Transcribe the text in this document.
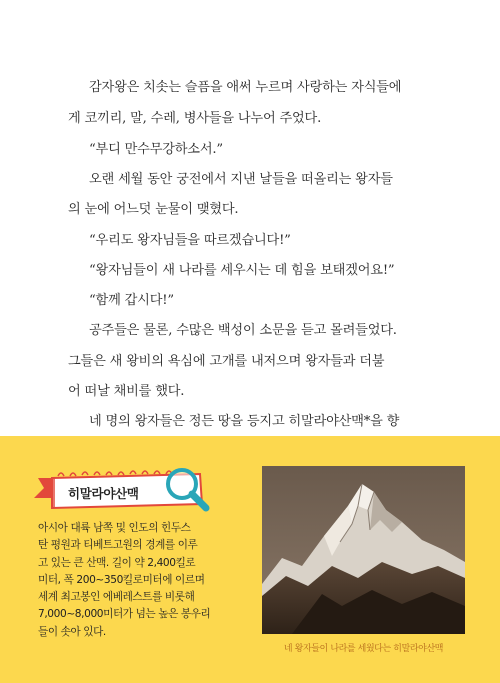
감자왕은 치솟는 슬픔을 애써 누르며 사랑하는 자식들에
게 코끼리, 말, 수레, 병사들을 나누어 주었다.
“부디 만수무강하소서.”
오랜 세월 동안 궁전에서 지낸 날들을 떠올리는 왕자들
의 눈에 어느덧 눈물이 맺혔다.
“우리도 왕자님들을 따르겠습니다!”
“왕자님들이 새 나라를 세우시는 데 힘을 보태겠어요!”
“함께 갑시다!”
공주들은 물론, 수많은 백성이 소문을 듣고 몰려들었다.
그들은 새 왕비의 욕심에 고개를 내저으며 왕자들과 더불
어 떠날 채비를 했다.
네 명의 왕자들은 정든 땅을 등지고 히말라야산맥*을 향
히말라야산맥
아시아 대륙 남쪽 및 인도의 힌두스
탄 평원과 티베트고원의 경계를 이루
고 있는 큰 산맥. 길이 약 2,400킬로
미터, 폭 200~350킬로미터에 이르며
세계 최고봉인 에베레스트를 비롯해
7,000~8,000미터가 넘는 높은 봉우리
들이 솟아 있다.
네 왕자들이 나라를 세웠다는 히말라야산맥
